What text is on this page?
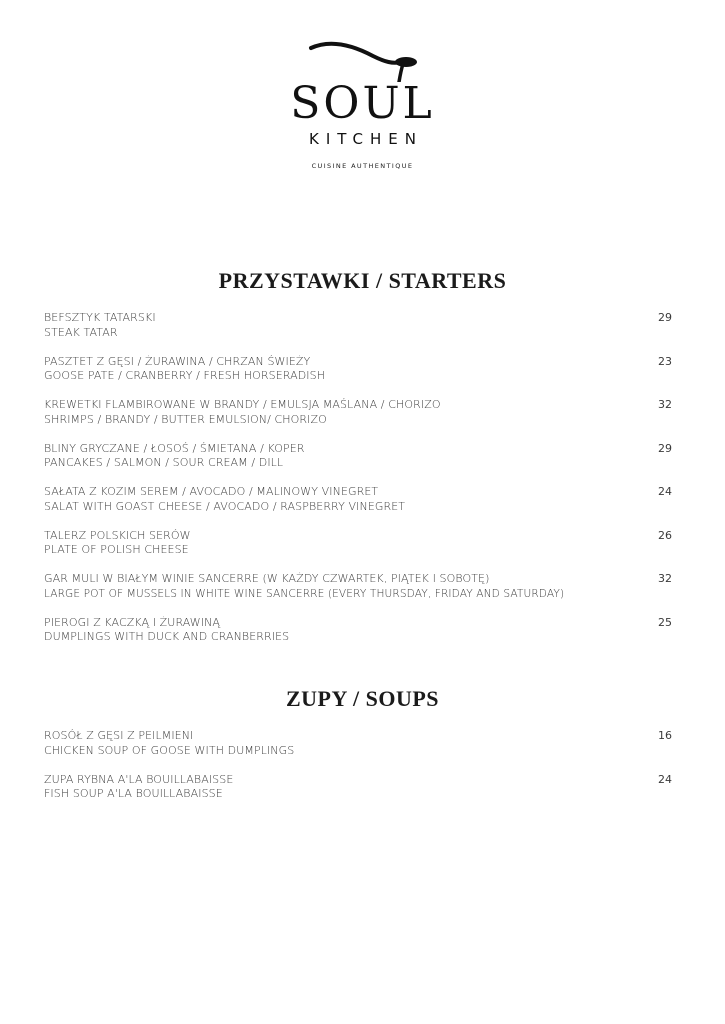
SOUL
KITCHEN
CUISINE AUTHENTIQUE
PRZYSTAWKI / STARTERS
BEFSZTYK TATARSKI
STEAK TATAR
29
PASZTET Z GĘSI / ŻURAWINA / CHRZAN ŚWIEŻY
GOOSE PATE / CRANBERRY / FRESH HORSERADISH
23
KREWETKI FLAMBIROWANE W BRANDY / EMULSJA MAŚLANA / CHORIZO
SHRIMPS / BRANDY / BUTTER EMULSION/ CHORIZO
32
BLINY GRYCZANE / ŁOSOŚ / ŚMIETANA / KOPER
PANCAKES / SALMON / SOUR CREAM / DILL
29
SAŁATA Z KOZIM SEREM / AVOCADO / MALINOWY VINEGRET
SALAT WITH GOAST CHEESE / AVOCADO / RASPBERRY VINEGRET
24
TALERZ POLSKICH SERÓW
PLATE OF POLISH CHEESE
26
GAR MULI W BIAŁYM WINIE SANCERRE (W KAŻDY CZWARTEK, PIĄTEK I SOBOTĘ)
LARGE POT OF MUSSELS IN WHITE WINE SANCERRE (EVERY THURSDAY, FRIDAY AND SATURDAY)
32
PIEROGI Z KACZKĄ I ŻURAWINĄ
DUMPLINGS WITH DUCK AND CRANBERRIES
25
ZUPY / SOUPS
ROSÓŁ Z GĘSI Z PEILMIENI
CHICKEN SOUP OF GOOSE WITH DUMPLINGS
16
ZUPA RYBNA A'LA BOUILLABAISSE
FISH SOUP A'LA BOUILLABAISSE
24
